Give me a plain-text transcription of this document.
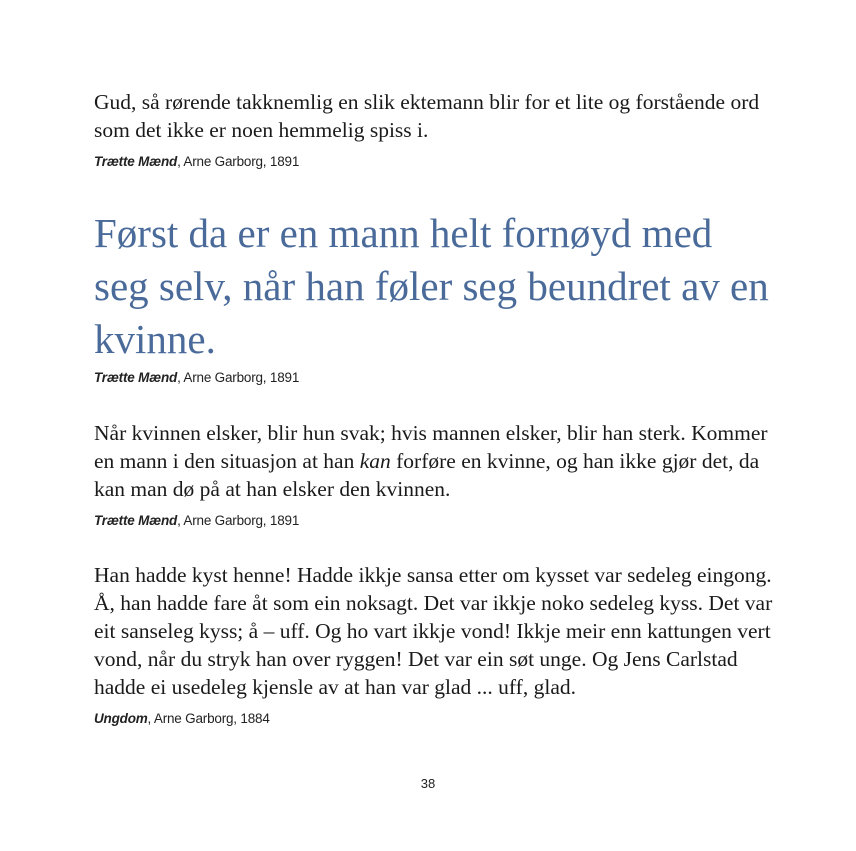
Gud, så rørende takknemlig en slik ektemann blir for et lite og forstående ord som det ikke er noen hemmelig spiss i.

Trætte Mænd, Arne Garborg, 1891

Først da er en mann helt fornøyd med seg selv, når han føler seg beundret av en kvinne.

Trætte Mænd, Arne Garborg, 1891

Når kvinnen elsker, blir hun svak; hvis mannen elsker, blir han sterk. Kommer en mann i den situasjon at han kan forføre en kvinne, og han ikke gjør det, da kan man dø på at han elsker den kvinnen.

Trætte Mænd, Arne Garborg, 1891

Han hadde kyst henne! Hadde ikkje sansa etter om kysset var sedeleg eingong. Å, han hadde fare åt som ein noksagt. Det var ikkje noko sedeleg kyss. Det var eit sanseleg kyss; å – uff. Og ho vart ikkje vond! Ikkje meir enn kattungen vert vond, når du stryk han over ryggen! Det var ein søt unge. Og Jens Carlstad hadde ei usedeleg kjensle av at han var glad ... uff, glad.

Ungdom, Arne Garborg, 1884

38
